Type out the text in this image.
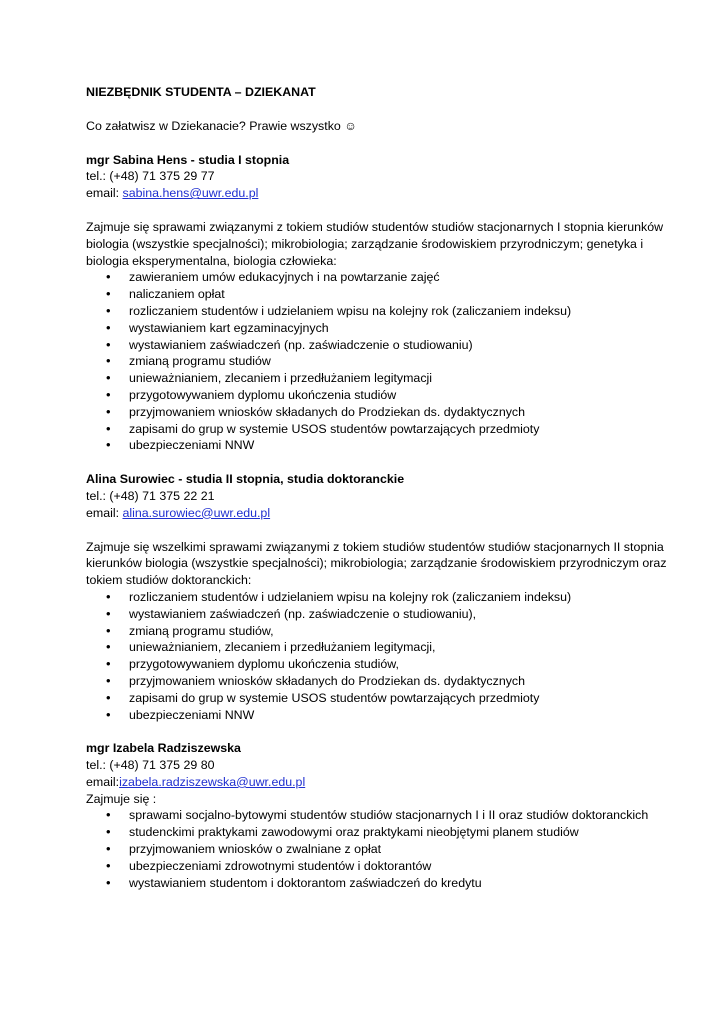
NIEZBĘDNIK STUDENTA – DZIEKANAT

Co załatwisz w Dziekanacie? Prawie wszystko ☺

mgr Sabina Hens - studia I stopnia

tel.: (+48) 71 375 29 77

email: sabina.hens@uwr.edu.pl

Zajmuje się sprawami związanymi z tokiem studiów studentów studiów stacjonarnych I stopnia kierunków biologia (wszystkie specjalności); mikrobiologia; zarządzanie środowiskiem przyrodniczym; genetyka i biologia eksperymentalna, biologia człowieka:

• zawieraniem umów edukacyjnych i na powtarzanie zajęć
• naliczaniem opłat
• rozliczaniem studentów i udzielaniem wpisu na kolejny rok (zaliczaniem indeksu)
• wystawianiem kart egzaminacyjnych
• wystawianiem zaświadczeń (np. zaświadczenie o studiowaniu)
• zmianą programu studiów
• unieważnianiem, zlecaniem i przedłużaniem legitymacji
• przygotowywaniem dyplomu ukończenia studiów
• przyjmowaniem wniosków składanych do Prodziekan ds. dydaktycznych
• zapisami do grup w systemie USOS studentów powtarzających przedmioty
• ubezpieczeniami NNW

Alina Surowiec - studia II stopnia, studia doktoranckie

tel.: (+48) 71 375 22 21

email: alina.surowiec@uwr.edu.pl

Zajmuje się wszelkimi sprawami związanymi z tokiem studiów studentów studiów stacjonarnych II stopnia kierunków biologia (wszystkie specjalności); mikrobiologia; zarządzanie środowiskiem przyrodniczym oraz tokiem studiów doktoranckich:

• rozliczaniem studentów i udzielaniem wpisu na kolejny rok (zaliczaniem indeksu)
• wystawianiem zaświadczeń (np. zaświadczenie o studiowaniu),
• zmianą programu studiów,
• unieważnianiem, zlecaniem i przedłużaniem legitymacji,
• przygotowywaniem dyplomu ukończenia studiów,
• przyjmowaniem wniosków składanych do Prodziekan ds. dydaktycznych
• zapisami do grup w systemie USOS studentów powtarzających przedmioty
• ubezpieczeniami NNW

mgr Izabela Radziszewska

tel.: (+48) 71 375 29 80

email:izabela.radziszewska@uwr.edu.pl

Zajmuje się :

• sprawami socjalno-bytowymi studentów studiów stacjonarnych I i II oraz studiów doktoranckich
• studenckimi praktykami zawodowymi oraz praktykami nieobjętymi planem studiów
• przyjmowaniem wniosków o zwalniane z opłat
• ubezpieczeniami zdrowotnymi studentów i doktorantów
• wystawianiem studentom i doktorantom zaświadczeń do kredytu
